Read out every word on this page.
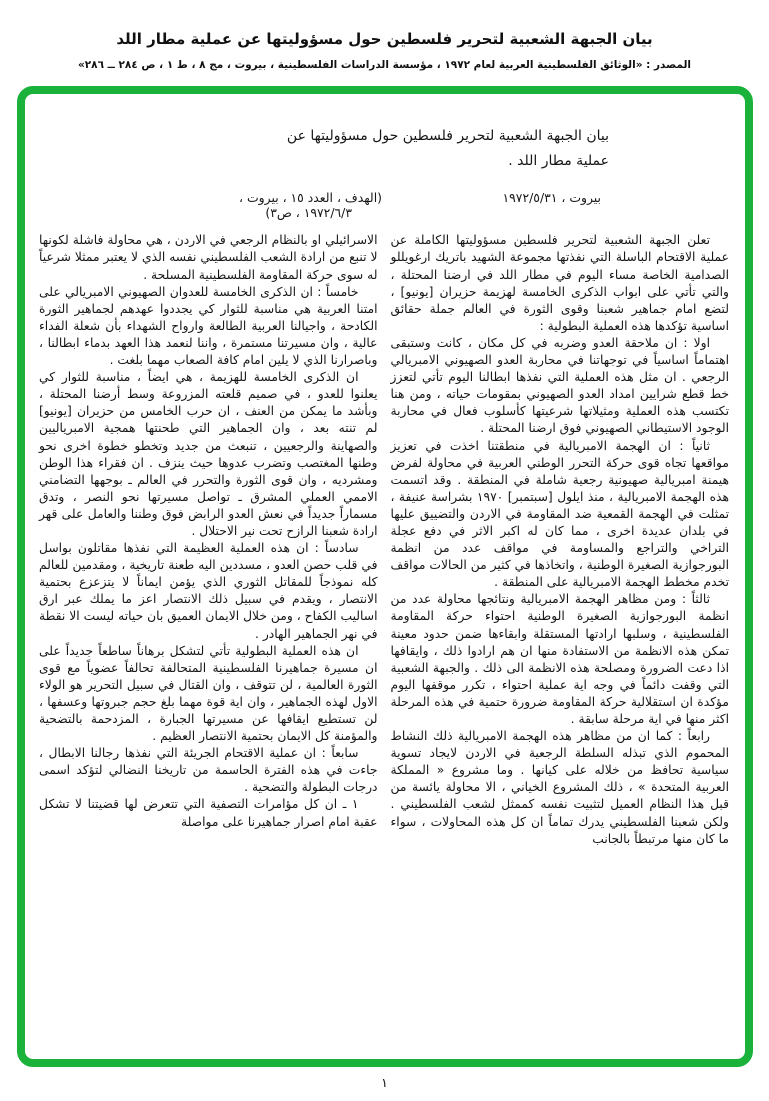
بيان الجبهة الشعبية لتحرير فلسطين حول مسؤوليتها عن عملية مطار اللد
المصدر : «الوثائق الفلسطينية العربية لعام ١٩٧٢ ، مؤسسة الدراسات الفلسطينية ، بيروت ، مج ٨ ، ط ١ ، ص ٢٨٤ ــ ٢٨٦»
بيان الجبهة الشعبية لتحرير فلسطين حول مسؤوليتها عن
عملية مطار اللد .
بيروت ، ١٩٧٢/٥/٣١
(الهدف ، العدد ١٥ ، بيروت ،
١٩٧٢/٦/٣ ، ص٣)

تعلن الجبهة الشعبية لتحرير فلسطين مسؤوليتها الكاملة عن عملية الاقتحام الباسلة التي نفذتها مجموعة الشهيد باتريك ارغويللو الصدامية الخاصة مساء اليوم في مطار اللد في ارضنا المحتلة ، والتي تأتي على ابواب الذكرى الخامسة لهزيمة حزيران [يونيو] ، لتضع امام جماهير شعبنا وقوى الثورة في العالم جملة حقائق اساسية تؤكدها هذه العملية البطولية :

اولا : ان ملاحقة العدو وضربه في كل مكان ، كانت وستبقى اهتماماً اساسياً في توجهاتنا في محاربة العدو الصهيوني الامبريالي الرجعي . ان مثل هذه العملية التي نفذها ابطالنا اليوم تأتي لتعزز خط قطع شرايين امداد العدو الصهيوني بمقومات حياته ، ومن هنا تكتسب هذه العملية ومثيلاتها شرعيتها كأسلوب فعال في محاربة الوجود الاستيطاني الصهيوني فوق ارضنا المحتلة .

ثانياً : ان الهجمة الامبريالية في منطقتنا اخذت في تعزيز مواقعها تجاه قوى حركة التحرر الوطني العربية في محاولة لفرض هيمنة امبريالية صهيونية رجعية شاملة في المنطقة . وقد اتسمت هذه الهجمة الامبريالية ، منذ ايلول [سبتمبر] ١٩٧٠ بشراسة عنيفة ، تمثلت في الهجمة القمعية ضد المقاومة في الاردن والتضييق عليها في بلدان عديدة اخرى ، مما كان له اكبر الاثر في دفع عجلة التراخي والتراجع والمساومة في مواقف عدد من انظمة البورجوازية الصغيرة الوطنية ، واتخاذها في كثير من الحالات مواقف تخدم مخطط الهجمة الامبريالية على المنطقة .

ثالثاً : ومن مظاهر الهجمة الامبريالية ونتائجها محاولة عدد من انظمة البورجوازية الصغيرة الوطنية احتواء حركة المقاومة الفلسطينية ، وسلبها ارادتها المستقلة وابقاءها ضمن حدود معينة تمكن هذه الانظمة من الاستفادة منها ان هم ارادوا ذلك ، وايقافها اذا دعت الضرورة ومصلحة هذه الانظمة الى ذلك . والجبهة الشعبية التي وقفت دائماً في وجه اية عملية احتواء ، تكرر موقفها اليوم مؤكدة ان استقلالية حركة المقاومة ضرورة حتمية في هذه المرحلة اكثر منها في اية مرحلة سابقة .

رابعاً : كما ان من مظاهر هذه الهجمة الامبريالية ذلك النشاط المحموم الذي تبذله السلطة الرجعية في الاردن لايجاد تسوية سياسية تحافظ من خلاله على كيانها . وما مشروع « المملكة العربية المتحدة » ، ذلك المشروع الخياني ، الا محاولة يائسة من قبل هذا النظام العميل لتثبيت نفسه كممثل لشعب الفلسطيني . ولكن شعبنا الفلسطيني يدرك تماماً ان كل هذه المحاولات ، سواء ما كان منها مرتبطاً بالجانب

الاسرائيلي او بالنظام الرجعي في الاردن ، هي محاولة فاشلة لكونها لا تنبع من ارادة الشعب الفلسطيني نفسه الذي لا يعتبر ممثلا شرعياً له سوى حركة المقاومة الفلسطينية المسلحة .

خامساً : ان الذكرى الخامسة للعدوان الصهيوني الامبريالي على امتنا العربية هي مناسبة للثوار كي يجددوا عهدهم لجماهير الثورة الكادحة ، واجيالنا العربية الطالعة وارواح الشهداء بأن شعلة الفداء عالية ، وان مسيرتنا مستمرة ، واننا لنعمد هذا العهد بدماء ابطالنا ، وباصرارنا الذي لا يلين امام كافة الصعاب مهما بلغت .

ان الذكرى الخامسة للهزيمة ، هي ايضاً ، مناسبة للثوار كي يعلنوا للعدو ، في صميم قلعته المزروعة وسط أرضنا المحتلة ، وبأشد ما يمكن من العنف ، ان حرب الخامس من حزيران [يونيو] لم تنته بعد ، وان الجماهير التي طحنتها همجية الامبرياليين والصهاينة والرجعيين ، تنبعث من جديد وتخطو خطوة اخرى نحو وطنها المغتصب وتضرب عدوها حيث ينزف . ان فقراء هذا الوطن ومشرديه ، وان قوى الثورة والتحرر في العالم ـ بوجهها التضامني الاممي العملي المشرق ـ تواصل مسيرتها نحو النصر ، وتدق مسماراً جديداً في نعش العدو الرابض فوق وطننا والعامل على قهر ارادة شعبنا الرازح تحت نير الاحتلال .

سادساً : ان هذه العملية العظيمة التي نفذها مقاتلون بواسل في قلب حصن العدو ، مسددين اليه طعنة تاريخية ، ومقدمين للعالم كله نموذجاً للمقاتل الثوري الذي يؤمن ايماناً لا يتزعزع بحتمية الانتصار ، ويقدم في سبيل ذلك الانتصار اعز ما يملك عبر ارق اساليب الكفاح ، ومن خلال الايمان العميق بان حياته ليست الا نقطة في نهر الجماهير الهادر .

ان هذه العملية البطولية تأتي لتشكل برهاناً ساطعاً جديداً على ان مسيرة جماهيرنا الفلسطينية المتحالفة تحالفاً عضوياً مع قوى الثورة العالمية ، لن تتوقف ، وان القتال في سبيل التحرير هو الولاء الاول لهذه الجماهير ، وان اية قوة مهما بلغ حجم جبروتها وعسفها ، لن تستطيع ايقافها عن مسيرتها الجبارة ، المزدحمة بالتضحية والمؤمنة كل الايمان بحتمية الانتصار العظيم .

سابعاً : ان عملية الاقتحام الجريئة التي نفذها رجالنا الابطال ، جاءت في هذه الفترة الحاسمة من تاريخنا النضالي لتؤكد اسمى درجات البطولة والتضحية .

١ ـ ان كل مؤامرات التصفية التي تتعرض لها قضيتنا لا تشكل عقبة امام اصرار جماهيرنا على مواصلة

١
